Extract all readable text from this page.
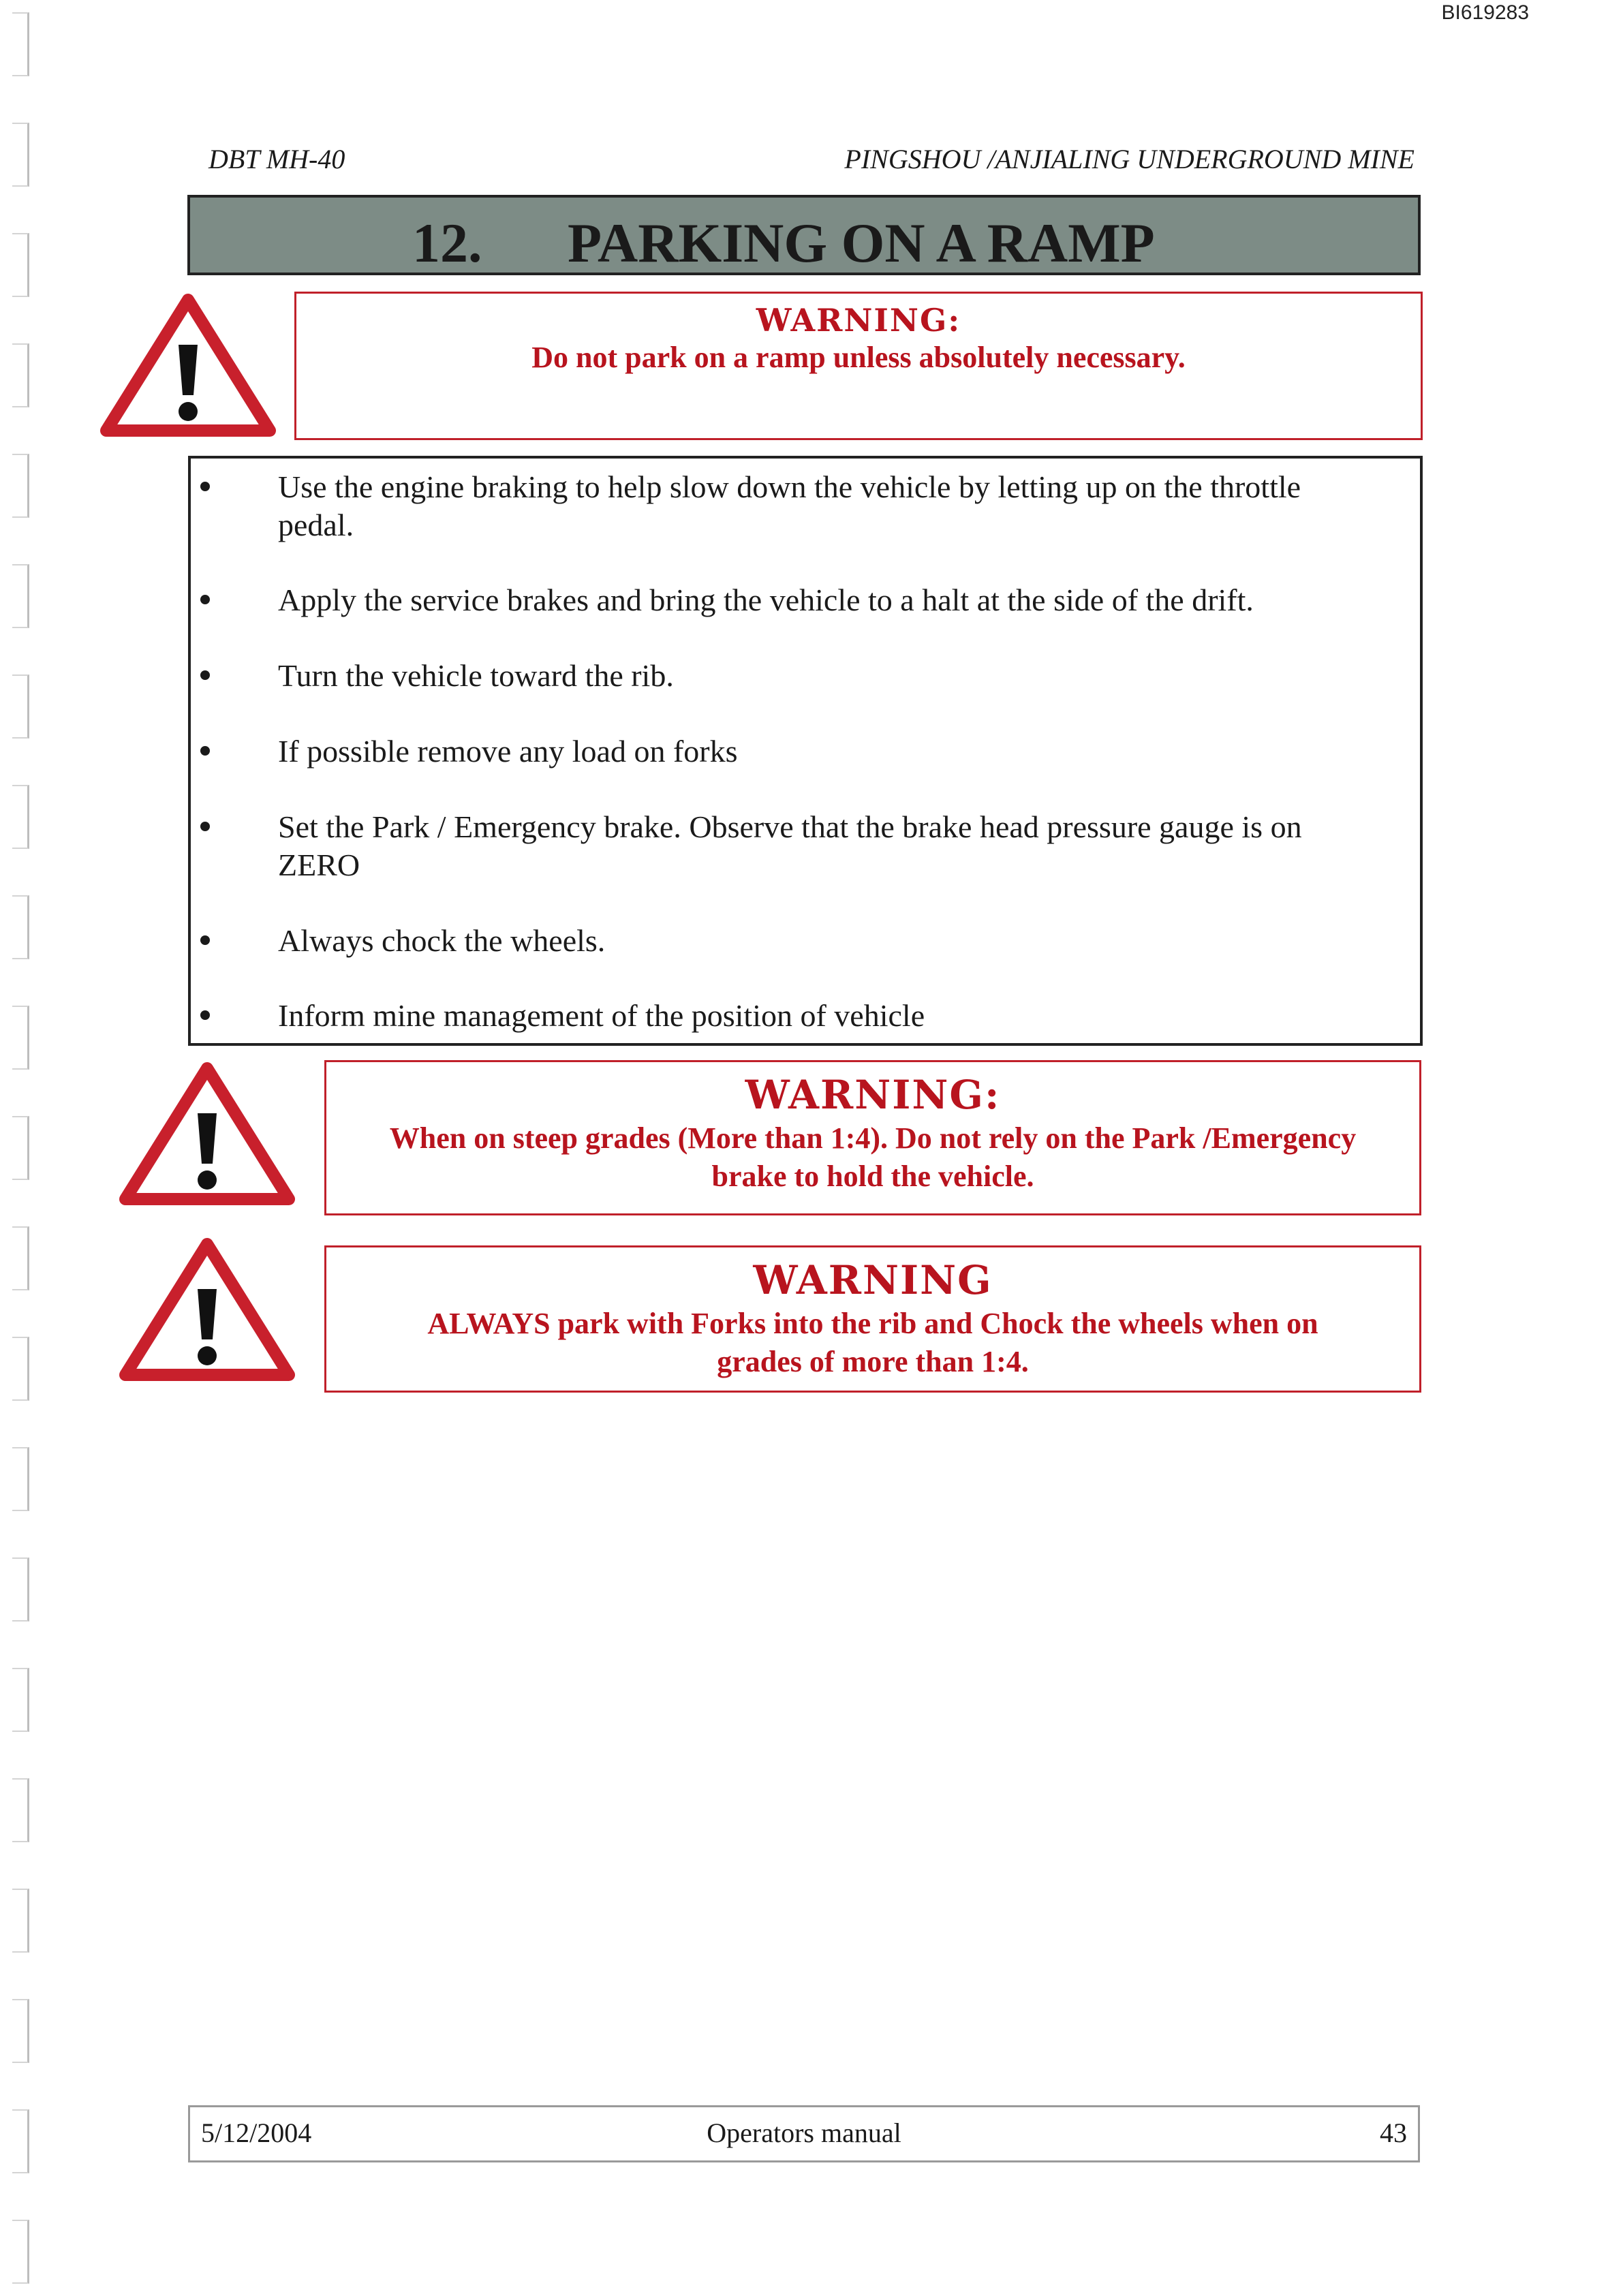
BI619283
DBT MH-40	PINGSHOU /ANJIALING UNDERGROUND MINE
12. PARKING ON A RAMP
WARNING:
Do not park on a ramp unless absolutely necessary.
Use the engine braking to help slow down the vehicle by letting up on the throttle
pedal.
Apply the service brakes and bring the vehicle to a halt at the side of the drift.
Turn the vehicle toward the rib.
If possible remove any load on forks
Set the Park / Emergency brake. Observe that the brake head pressure gauge is on
ZERO
Always chock the wheels.
Inform mine management of the position of vehicle
WARNING:
When on steep grades (More than 1:4). Do not rely on the Park /Emergency
brake to hold the vehicle.
WARNING
ALWAYS park with Forks into the rib and Chock the wheels when on
grades of more than 1:4.
5/12/2004	Operators manual	43
